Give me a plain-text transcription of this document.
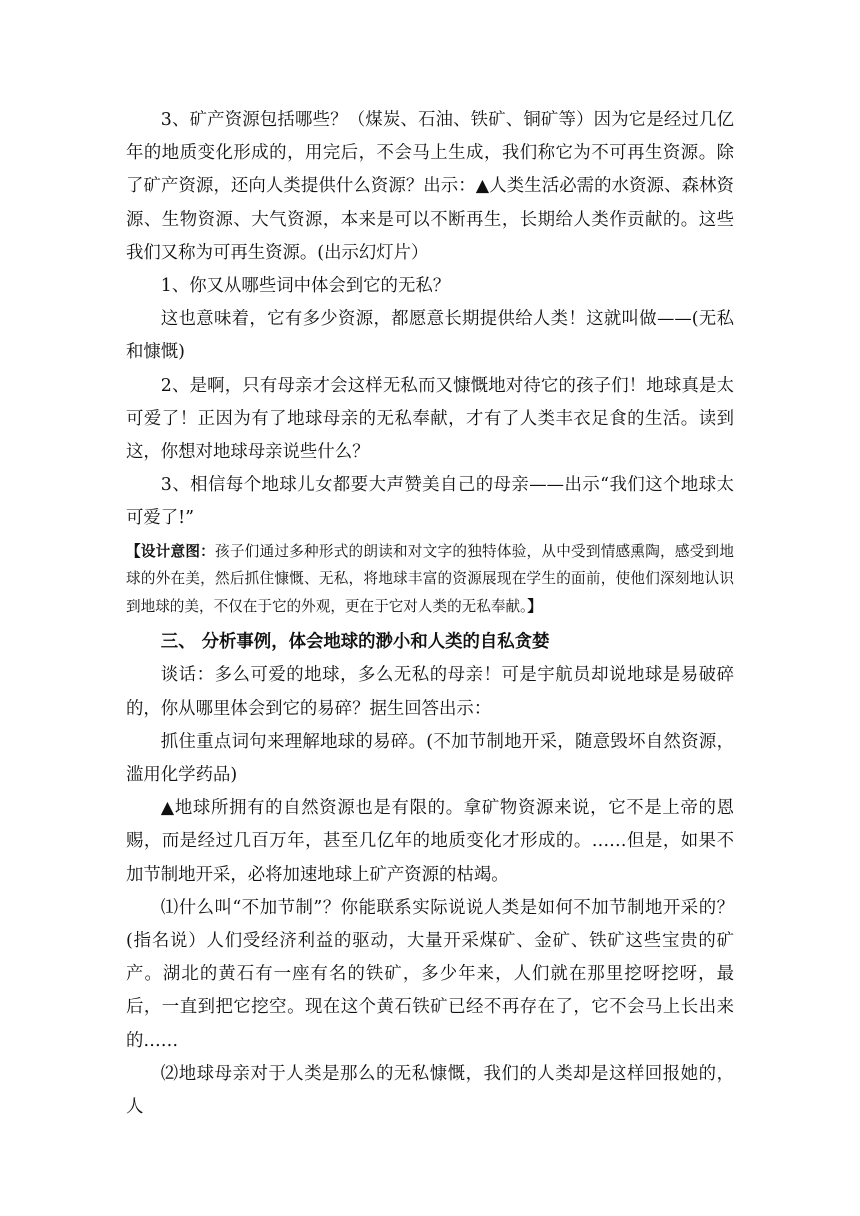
3、矿产资源包括哪些？（煤炭、石油、铁矿、铜矿等）因为它是经过几亿年的地质变化形成的，用完后，不会马上生成，我们称它为不可再生资源。除了矿产资源，还向人类提供什么资源？出示：▲人类生活必需的水资源、森林资源、生物资源、大气资源，本来是可以不断再生，长期给人类作贡献的。这些我们又称为可再生资源。(出示幻灯片）

1、你又从哪些词中体会到它的无私？

这也意味着，它有多少资源，都愿意长期提供给人类！这就叫做——(无私和慷慨)

2、是啊，只有母亲才会这样无私而又慷慨地对待它的孩子们！地球真是太可爱了！正因为有了地球母亲的无私奉献，才有了人类丰衣足食的生活。读到这，你想对地球母亲说些什么？

3、相信每个地球儿女都要大声赞美自己的母亲——出示“我们这个地球太可爱了!”

【设计意图：孩子们通过多种形式的朗读和对文字的独特体验，从中受到情感熏陶，感受到地球的外在美，然后抓住慷慨、无私，将地球丰富的资源展现在学生的面前，使他们深刻地认识到地球的美，不仅在于它的外观，更在于它对人类的无私奉献。】

三、 分析事例，体会地球的渺小和人类的自私贪婪

谈话：多么可爱的地球，多么无私的母亲！可是宇航员却说地球是易破碎的，你从哪里体会到它的易碎？据生回答出示：

抓住重点词句来理解地球的易碎。(不加节制地开采，随意毁坏自然资源，滥用化学药品)

▲地球所拥有的自然资源也是有限的。拿矿物资源来说，它不是上帝的恩赐，而是经过几百万年，甚至几亿年的地质变化才形成的。……但是，如果不加节制地开采，必将加速地球上矿产资源的枯竭。

⑴什么叫“不加节制”？你能联系实际说说人类是如何不加节制地开采的？(指名说）人们受经济利益的驱动，大量开采煤矿、金矿、铁矿这些宝贵的矿产。湖北的黄石有一座有名的铁矿，多少年来，人们就在那里挖呀挖呀，最后，一直到把它挖空。现在这个黄石铁矿已经不再存在了，它不会马上长出来的……

⑵地球母亲对于人类是那么的无私慷慨，我们的人类却是这样回报她的，人
